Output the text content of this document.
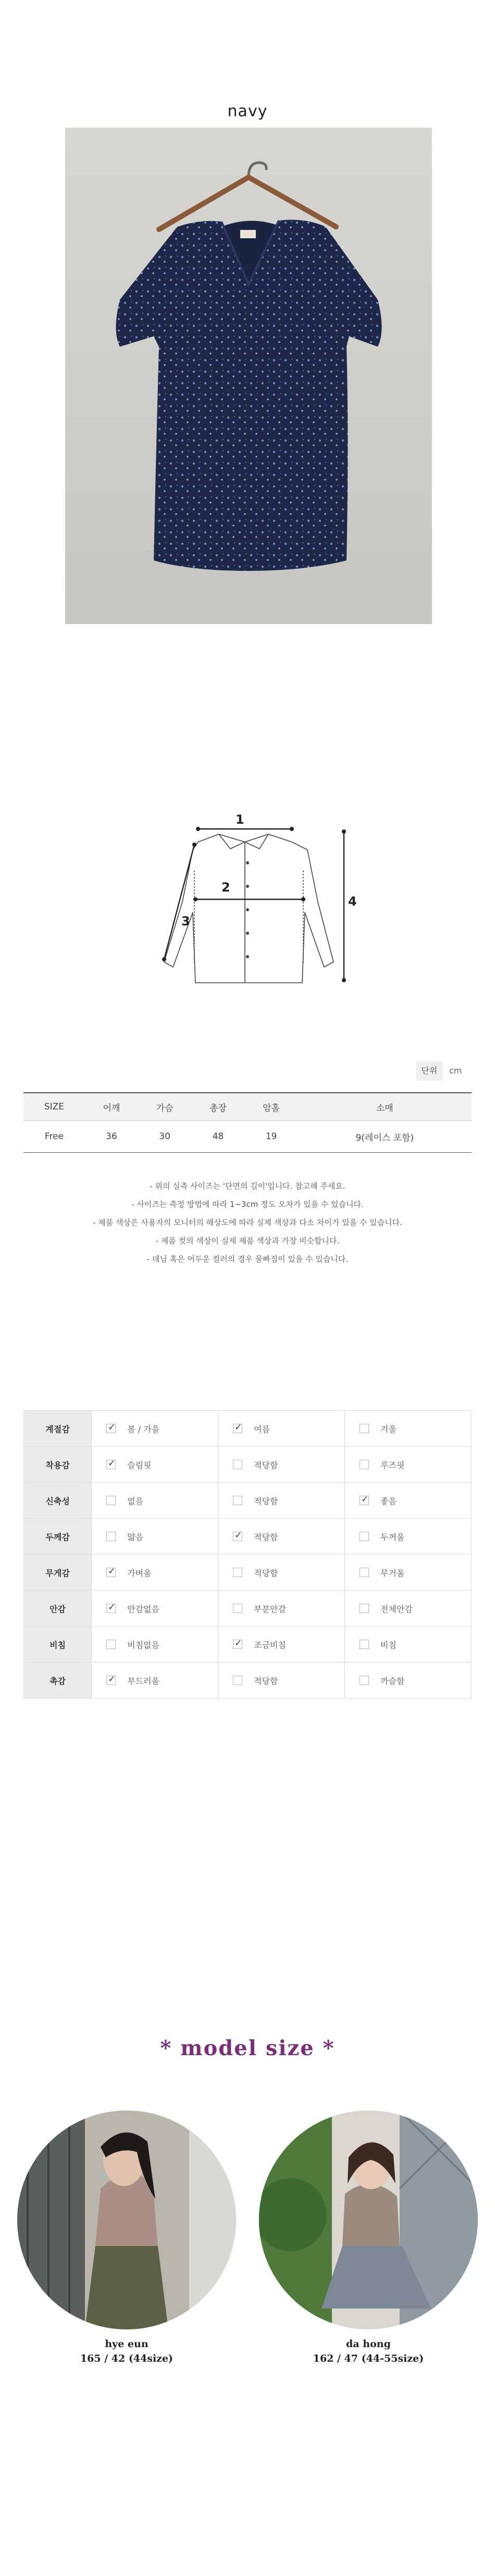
navy
1
2
3
4
단위	cm
SIZE	어깨	가슴	총장	암홀	소매
Free	36	30	48	19	9(레이스 포함)
- 위의 실측 사이즈는 '단면의 길이'입니다. 참고해 주세요.
- 사이즈는 측정 방법에 따라 1~3cm 정도 오차가 있을 수 있습니다.
- 제품 색상은 사용자의 모니터의 해상도에 따라 실제 색상과 다소 차이가 있을 수 있습니다.
- 제품 컷의 색상이 실제 제품 색상과 가장 비슷합니다.
- 데님 혹은 어두운 컬러의 경우 물빠짐이 있을 수 있습니다.
계절감	✓봄 / 가을	✓여름	겨울
착용감	✓슬림핏	적당함	루즈핏
신축성	없음	적당함	✓좋음
두께감	얇음	✓적당함	두꺼움
무게감	✓가벼움	적당함	무거움
안감	✓안감없음	부분안감	전체안감
비침	비침없음	✓조금비침	비침
촉감	✓부드러움	적당함	까슬함
* model size *
hye eun
165 / 42 (44size)
da hong
162 / 47 (44-55size)
